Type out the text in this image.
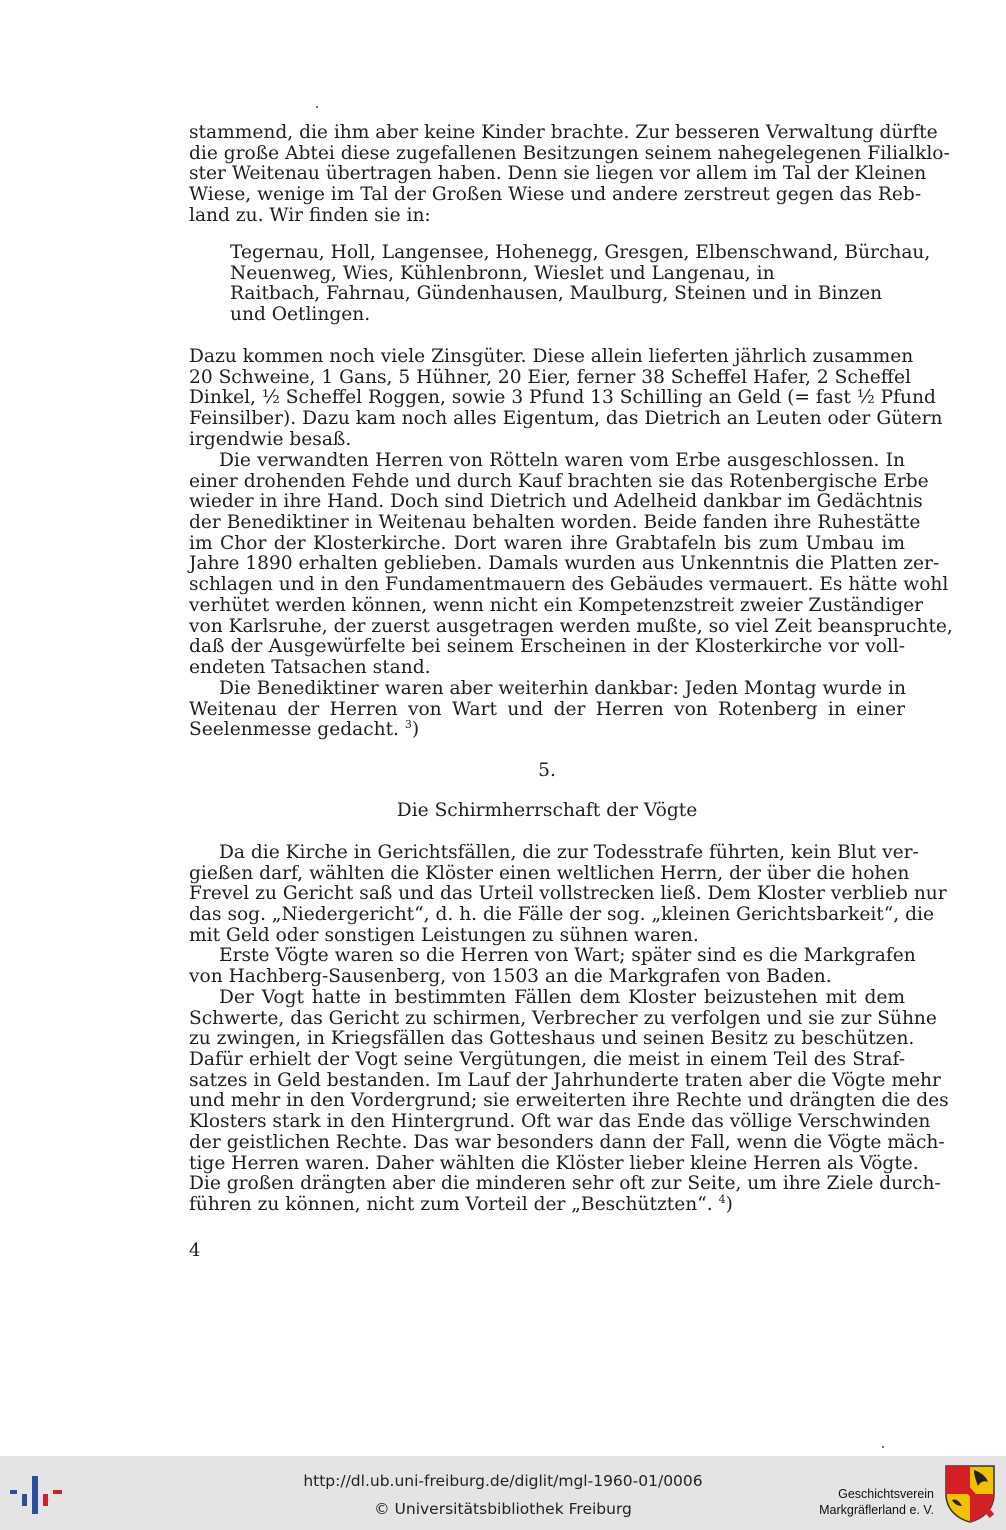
stammend, die ihm aber keine Kinder brachte. Zur besseren Verwaltung dürfte
die große Abtei diese zugefallenen Besitzungen seinem nahegelegenen Filialklo-
ster Weitenau übertragen haben. Denn sie liegen vor allem im Tal der Kleinen
Wiese, wenige im Tal der Großen Wiese und andere zerstreut gegen das Reb-
land zu. Wir finden sie in:
Tegernau, Holl, Langensee, Hohenegg, Gresgen, Elbenschwand, Bürchau,
Neuenweg, Wies, Kühlenbronn, Wieslet und Langenau, in
Raitbach, Fahrnau, Gündenhausen, Maulburg, Steinen und in Binzen
und Oetlingen.
Dazu kommen noch viele Zinsgüter. Diese allein lieferten jährlich zusammen
20 Schweine, 1 Gans, 5 Hühner, 20 Eier, ferner 38 Scheffel Hafer, 2 Scheffel
Dinkel, ½ Scheffel Roggen, sowie 3 Pfund 13 Schilling an Geld (= fast ½ Pfund
Feinsilber). Dazu kam noch alles Eigentum, das Dietrich an Leuten oder Gütern
irgendwie besaß.
Die verwandten Herren von Rötteln waren vom Erbe ausgeschlossen. In
einer drohenden Fehde und durch Kauf brachten sie das Rotenbergische Erbe
wieder in ihre Hand. Doch sind Dietrich und Adelheid dankbar im Gedächtnis
der Benediktiner in Weitenau behalten worden. Beide fanden ihre Ruhestätte
im Chor der Klosterkirche. Dort waren ihre Grabtafeln bis zum Umbau im
Jahre 1890 erhalten geblieben. Damals wurden aus Unkenntnis die Platten zer-
schlagen und in den Fundamentmauern des Gebäudes vermauert. Es hätte wohl
verhütet werden können, wenn nicht ein Kompetenzstreit zweier Zuständiger
von Karlsruhe, der zuerst ausgetragen werden mußte, so viel Zeit beanspruchte,
daß der Ausgewürfelte bei seinem Erscheinen in der Klosterkirche vor voll-
endeten Tatsachen stand.
Die Benediktiner waren aber weiterhin dankbar: Jeden Montag wurde in
Weitenau der Herren von Wart und der Herren von Rotenberg in einer
Seelenmesse gedacht. $^3$)
5.
Die Schirmherrschaft der Vögte
Da die Kirche in Gerichtsfällen, die zur Todesstrafe führten, kein Blut ver-
gießen darf, wählten die Klöster einen weltlichen Herrn, der über die hohen
Frevel zu Gericht saß und das Urteil vollstrecken ließ. Dem Kloster verblieb nur
das sog. „Niedergericht“, d. h. die Fälle der sog. „kleinen Gerichtsbarkeit“, die
mit Geld oder sonstigen Leistungen zu sühnen waren.
Erste Vögte waren so die Herren von Wart; später sind es die Markgrafen
von Hachberg-Sausenberg, von 1503 an die Markgrafen von Baden.
Der Vogt hatte in bestimmten Fällen dem Kloster beizustehen mit dem
Schwerte, das Gericht zu schirmen, Verbrecher zu verfolgen und sie zur Sühne
zu zwingen, in Kriegsfällen das Gotteshaus und seinen Besitz zu beschützen.
Dafür erhielt der Vogt seine Vergütungen, die meist in einem Teil des Straf-
satzes in Geld bestanden. Im Lauf der Jahrhunderte traten aber die Vögte mehr
und mehr in den Vordergrund; sie erweiterten ihre Rechte und drängten die des
Klosters stark in den Hintergrund. Oft war das Ende das völlige Verschwinden
der geistlichen Rechte. Das war besonders dann der Fall, wenn die Vögte mäch-
tige Herren waren. Daher wählten die Klöster lieber kleine Herren als Vögte.
Die großen drängten aber die minderen sehr oft zur Seite, um ihre Ziele durch-
führen zu können, nicht zum Vorteil der „Beschützten“. $^4$)
4
http://dl.ub.uni-freiburg.de/diglit/mgl-1960-01/0006
© Universitätsbibliothek Freiburg
Geschichtsverein
Markgräflerland e. V.
